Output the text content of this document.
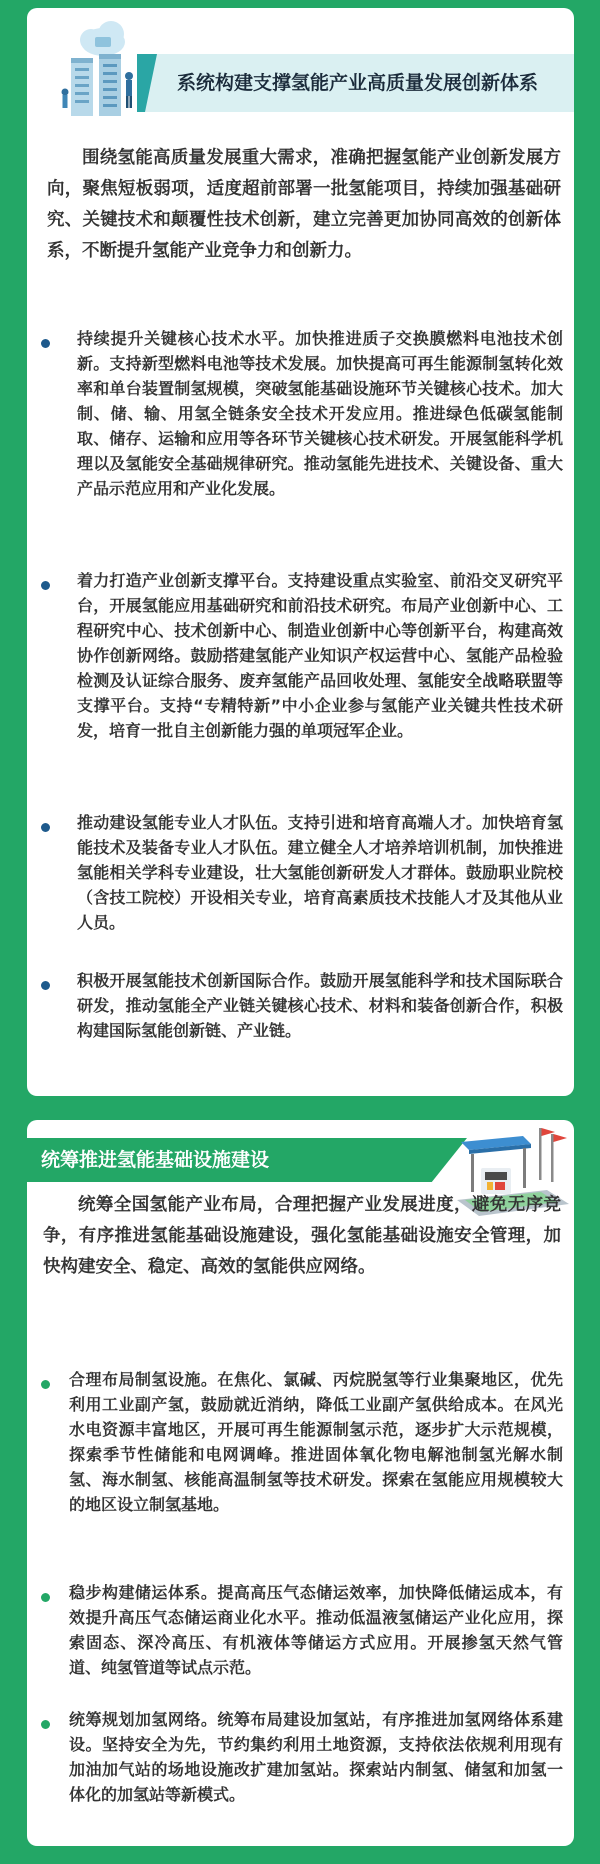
系统构建支撑氢能产业高质量发展创新体系
围绕氢能高质量发展重大需求，准确把握氢能产业创新发展方向，聚焦短板弱项，适度超前部署一批氢能项目，持续加强基础研究、关键技术和颠覆性技术创新，建立完善更加协同高效的创新体系，不断提升氢能产业竞争力和创新力。
持续提升关键核心技术水平。加快推进质子交换膜燃料电池技术创新。支持新型燃料电池等技术发展。加快提高可再生能源制氢转化效率和单台装置制氢规模，突破氢能基础设施环节关键核心技术。加大制、储、输、用氢全链条安全技术开发应用。推进绿色低碳氢能制取、储存、运输和应用等各环节关键核心技术研发。开展氢能科学机理以及氢能安全基础规律研究。推动氢能先进技术、关键设备、重大产品示范应用和产业化发展。
着力打造产业创新支撑平台。支持建设重点实验室、前沿交叉研究平台，开展氢能应用基础研究和前沿技术研究。布局产业创新中心、工程研究中心、技术创新中心、制造业创新中心等创新平台，构建高效协作创新网络。鼓励搭建氢能产业知识产权运营中心、氢能产品检验检测及认证综合服务、废弃氢能产品回收处理、氢能安全战略联盟等支撑平台。支持“专精特新”中小企业参与氢能产业关键共性技术研发，培育一批自主创新能力强的单项冠军企业。
推动建设氢能专业人才队伍。支持引进和培育高端人才。加快培育氢能技术及装备专业人才队伍。建立健全人才培养培训机制，加快推进氢能相关学科专业建设，壮大氢能创新研发人才群体。鼓励职业院校（含技工院校）开设相关专业，培育高素质技术技能人才及其他从业人员。
积极开展氢能技术创新国际合作。鼓励开展氢能科学和技术国际联合研发，推动氢能全产业链关键核心技术、材料和装备创新合作，积极构建国际氢能创新链、产业链。
统筹推进氢能基础设施建设
统筹全国氢能产业布局，合理把握产业发展进度，避免无序竞争，有序推进氢能基础设施建设，强化氢能基础设施安全管理，加快构建安全、稳定、高效的氢能供应网络。
合理布局制氢设施。在焦化、氯碱、丙烷脱氢等行业集聚地区，优先利用工业副产氢，鼓励就近消纳，降低工业副产氢供给成本。在风光水电资源丰富地区，开展可再生能源制氢示范，逐步扩大示范规模，探索季节性储能和电网调峰。推进固体氧化物电解池制氢光解水制氢、海水制氢、核能高温制氢等技术研发。探索在氢能应用规模较大的地区设立制氢基地。
稳步构建储运体系。提高高压气态储运效率，加快降低储运成本，有效提升高压气态储运商业化水平。推动低温液氢储运产业化应用，探索固态、深冷高压、有机液体等储运方式应用。开展掺氢天然气管道、纯氢管道等试点示范。
统筹规划加氢网络。统筹布局建设加氢站，有序推进加氢网络体系建设。坚持安全为先，节约集约利用土地资源，支持依法依规利用现有加油加气站的场地设施改扩建加氢站。探索站内制氢、储氢和加氢一体化的加氢站等新模式。
